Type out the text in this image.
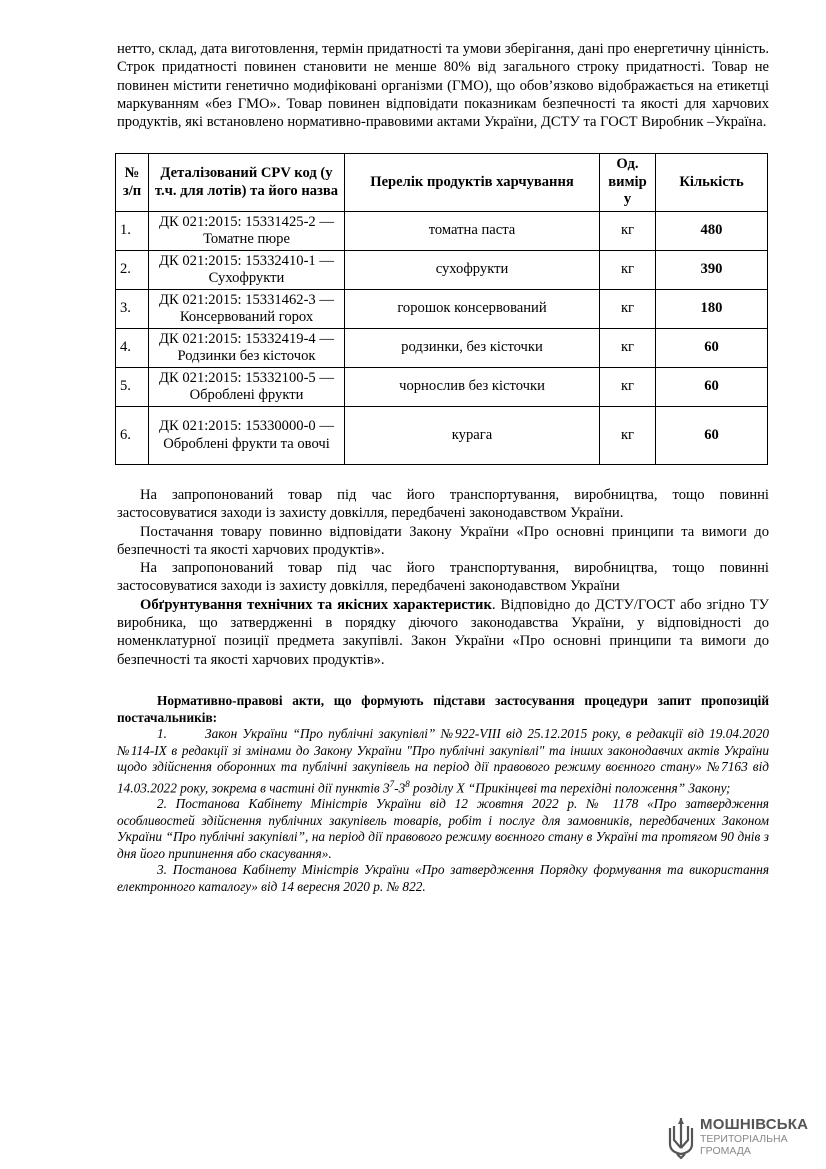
нетто, склад, дата виготовлення, термін придатності та умови зберігання, дані про енергетичну цінність. Строк придатності повинен становити не менше 80% від загального строку придатності. Товар не повинен містити генетично модифіковані організми (ГМО), що обов’язково відображається на етикетці маркуванням «без ГМО». Товар повинен відповідати показникам безпечності та якості для харчових продуктів, які встановлено нормативно-правовими актами України, ДСТУ та ГОСТ Виробник –Україна.

№ з/п	Деталізований CPV код (у т.ч. для лотів) та його назва	Перелік продуктів харчування	Од. вимір у	Кількість
1.	ДК 021:2015: 15331425-2 — Томатне пюре	томатна паста	кг	480
2.	ДК 021:2015: 15332410-1 — Сухофрукти	сухофрукти	кг	390
3.	ДК 021:2015: 15331462-3 — Консервований горох	горошок консервований	кг	180
4.	ДК 021:2015: 15332419-4 — Родзинки без кісточок	родзинки, без кісточки	кг	60
5.	ДК 021:2015: 15332100-5 — Оброблені фрукти	чорнослив без кісточки	кг	60
6.	ДК 021:2015: 15330000-0 — Оброблені фрукти та овочі	курага	кг	60

На запропонований товар під час його транспортування, виробництва, тощо повинні застосовуватися заходи із захисту довкілля, передбачені законодавством України.

Постачання товару повинно відповідати Закону України «Про основні принципи та вимоги до безпечності та якості харчових продуктів».

На запропонований товар під час його транспортування, виробництва, тощо повинні застосовуватися заходи із захисту довкілля, передбачені законодавством України

Обґрунтування технічних та якісних характеристик. Відповідно до ДСТУ/ГОСТ або згідно ТУ виробника, що затвердженні в порядку діючого законодавства України, у відповідності до номенклатурної позиції предмета закупівлі. Закон України «Про основні принципи та вимоги до безпечності та якості харчових продуктів».

Нормативно-правові акти, що формують підстави застосування процедури запит пропозицій постачальників:

1.	Закон України “Про публічні закупівлі” №922-VIII від 25.12.2015 року, в редакції від 19.04.2020 №114-IX в редакції зі змінами до Закону України "Про публічні закупівлі" та інших законодавчих актів України щодо здійснення оборонних та публічні закупівель на період дії правового режиму воєнного стану» №7163 від 14.03.2022 року, зокрема в частині дії пунктів $3^7-3^8$ розділу X “Прикінцеві та перехідні положення” Закону;

2. Постанова Кабінету Міністрів України від 12 жовтня 2022 р. № 1178 «Про затвердження особливостей здійснення публічних закупівель товарів, робіт і послуг для замовників, передбачених Законом України “Про публічні закупівлі”, на період дії правового режиму воєнного стану в Україні та протягом 90 днів з дня його припинення або скасування».

3. Постанова Кабінету Міністрів України «Про затвердження Порядку формування та використання електронного каталогу» від 14 вересня 2020 р. № 822.

МОШНІВСЬКА
ТЕРИТОРІАЛЬНА
ГРОМАДА
